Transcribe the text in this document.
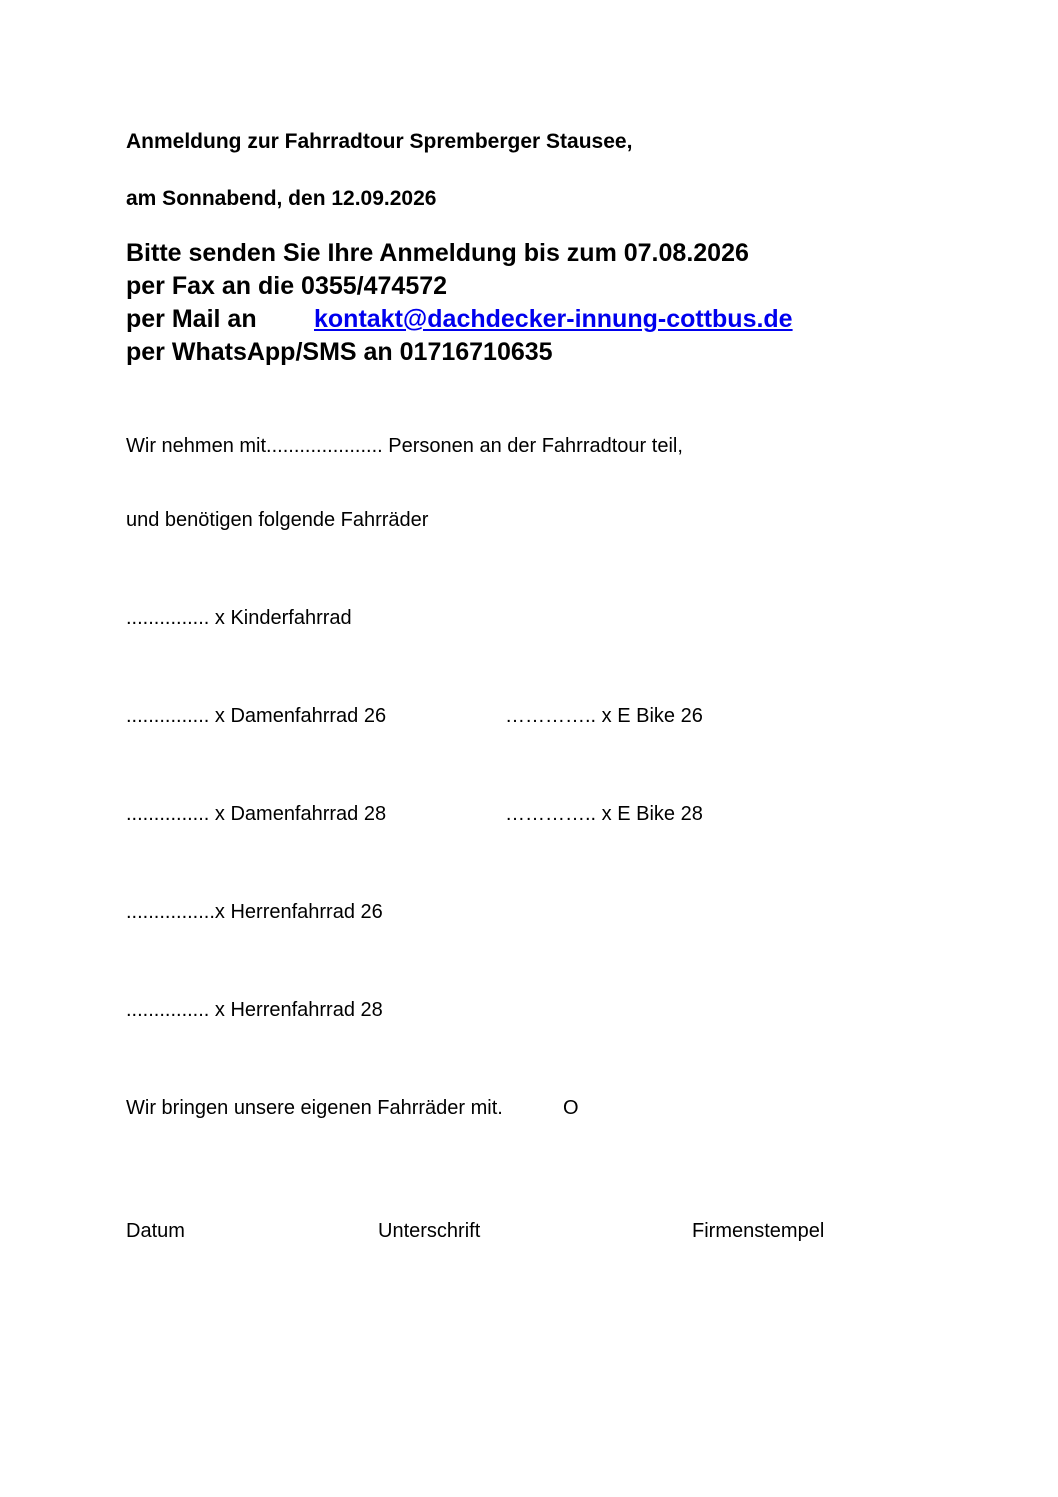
Anmeldung zur Fahrradtour Spremberger Stausee,
am Sonnabend, den 12.09.2026
Bitte senden Sie Ihre Anmeldung bis zum 07.08.2026
per Fax an die 0355/474572
per Mail an kontakt@dachdecker-innung-cottbus.de
per WhatsApp/SMS an 01716710635
Wir nehmen mit..................... Personen an der Fahrradtour teil,
und benötigen folgende Fahrräder
............... x Kinderfahrrad
............... x Damenfahrrad 26	………….. x E Bike 26
............... x Damenfahrrad 28	………….. x E Bike 28
................x Herrenfahrrad 26
............... x Herrenfahrrad 28
Wir bringen unsere eigenen Fahrräder mit.	O
Datum	Unterschrift	Firmenstempel
